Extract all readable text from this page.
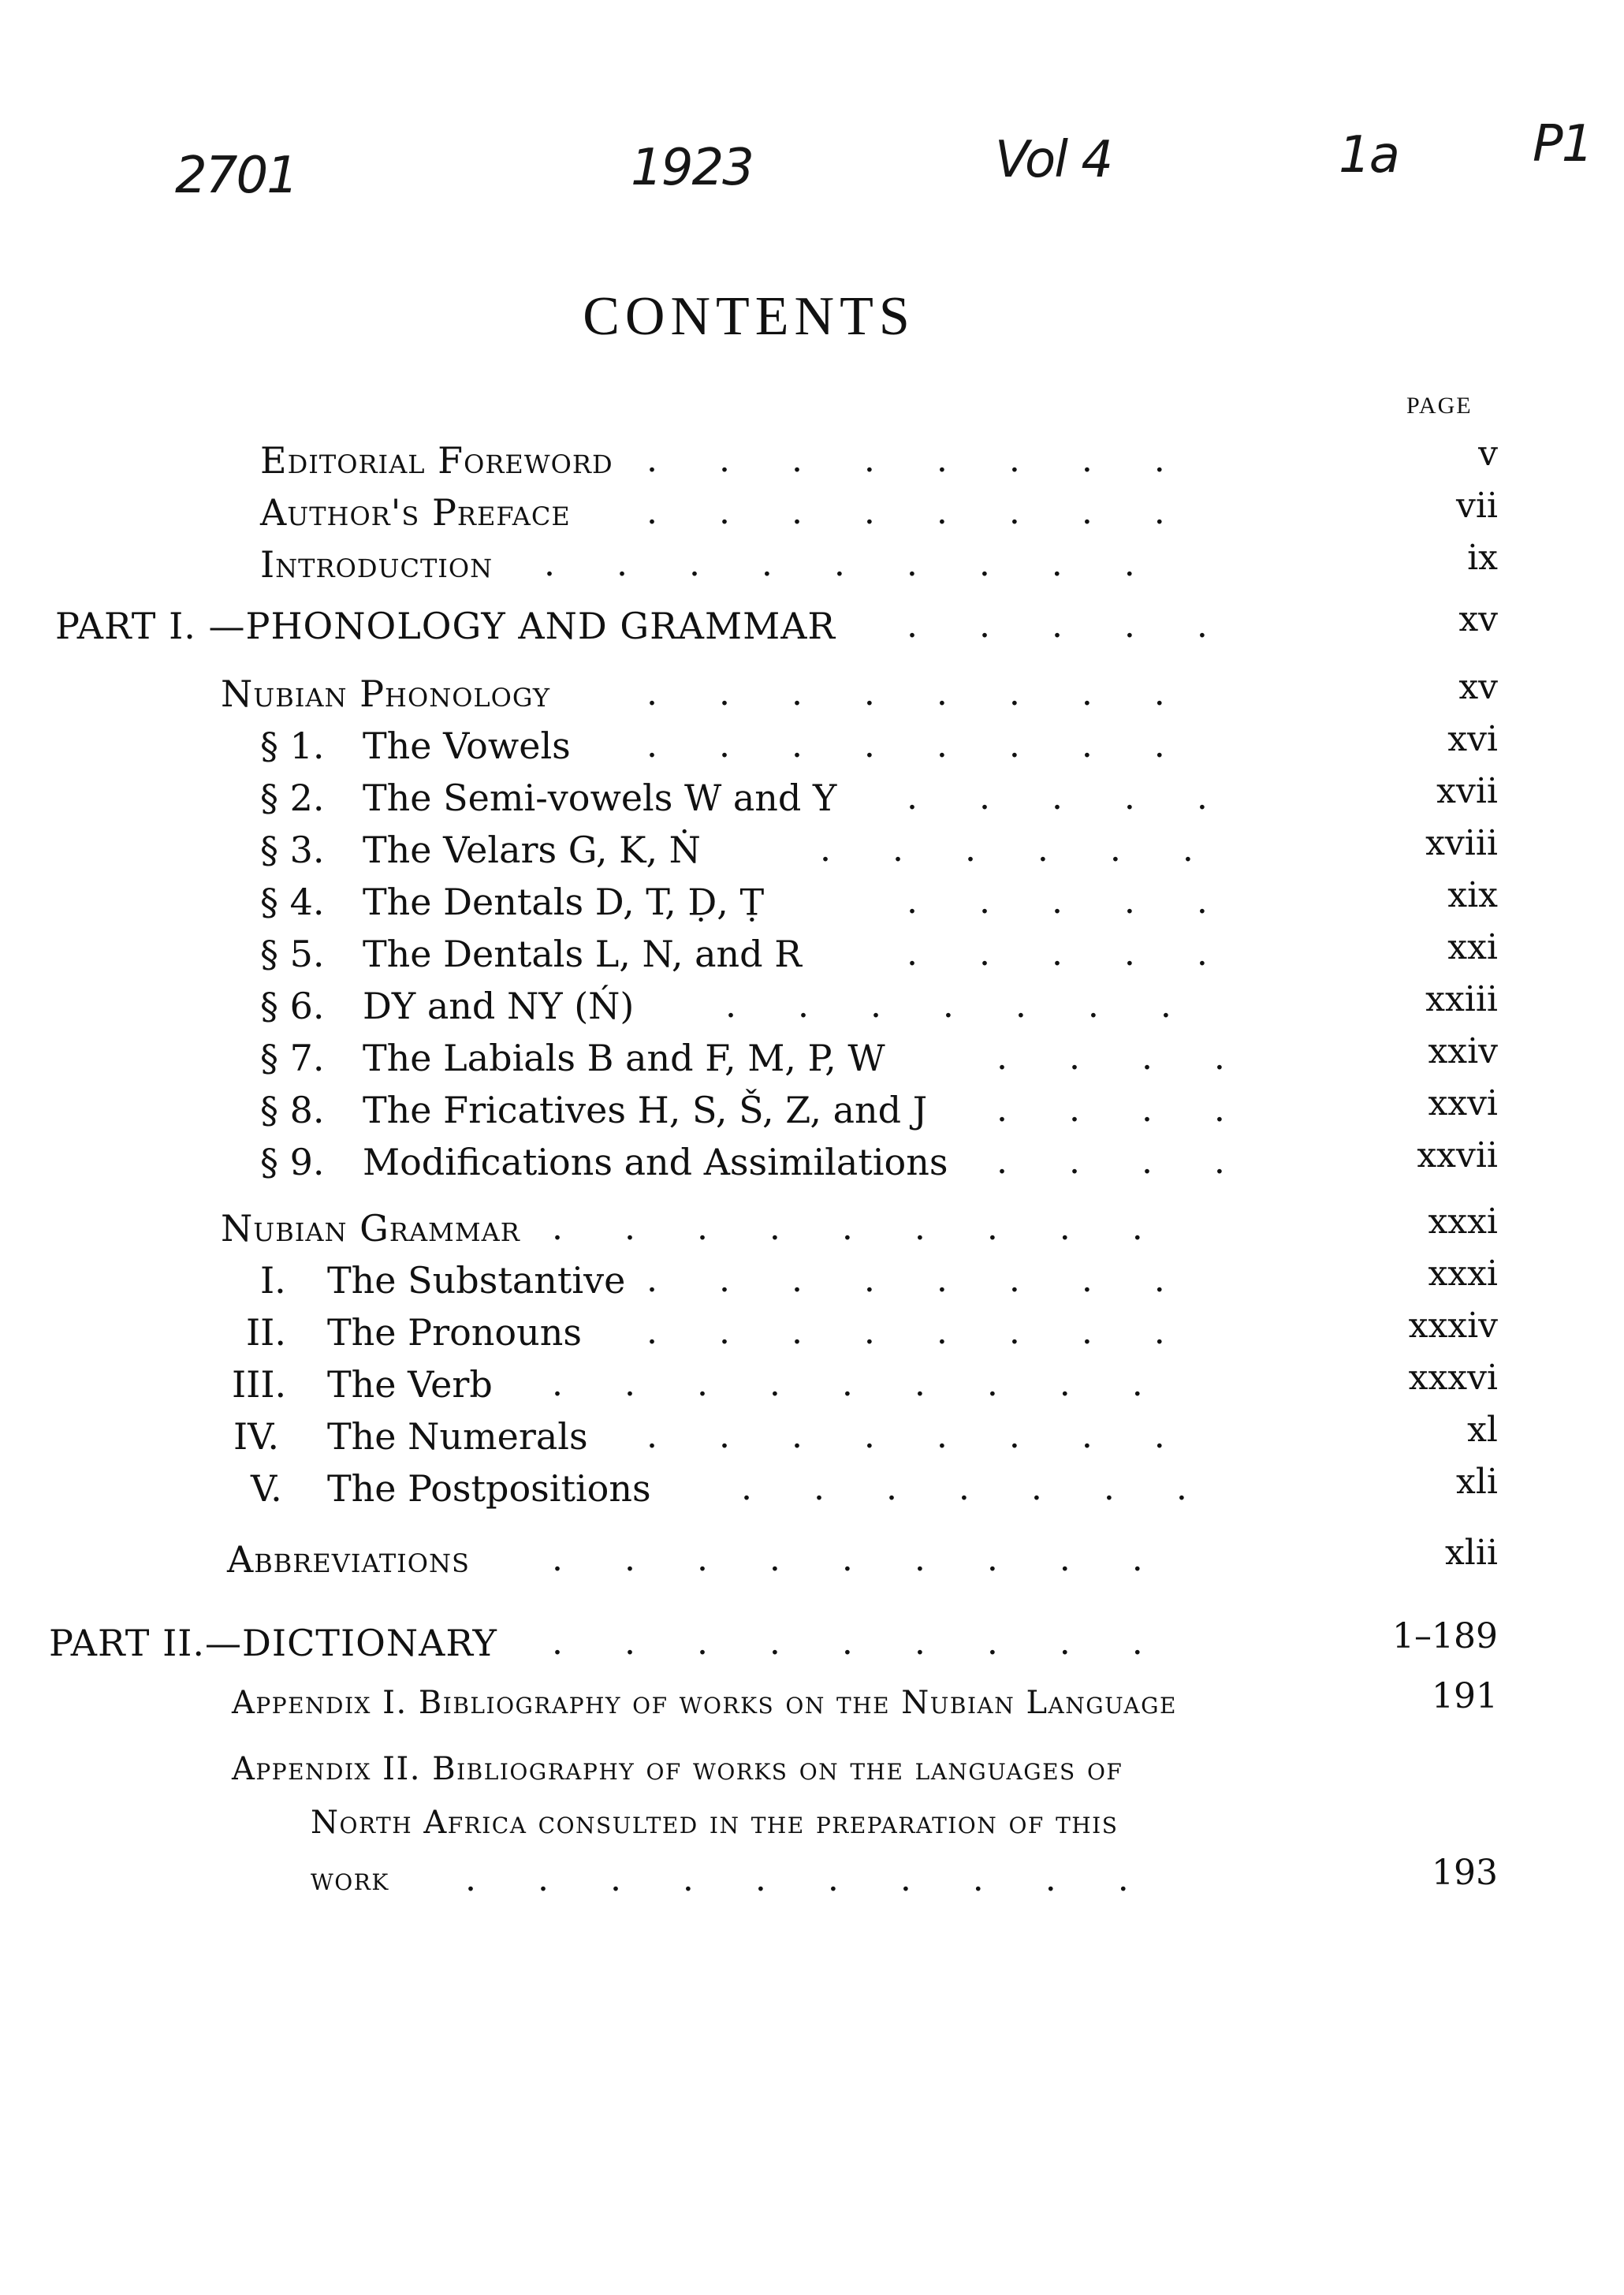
2701	1923	Vol 4	1a	P1
CONTENTS
PAGE
Editorial Foreword . . . . . . . .	v
Author's Preface . . . . . . . .	vii
Introduction . . . . . . . . .	ix
PART I. —PHONOLOGY AND GRAMMAR . . . . .	xv
Nubian Phonology	. . . . . . . .	xv
§ 1. The Vowels . . . . . . . .	xvi
§ 2. The Semi-vowels W and Y . . . . .	xvii
§ 3. The Velars G, K, Ṅ	. . . . . .	xviii
§ 4. The Dentals D, T, Ḍ, Ṭ	. . . . .	xix
§ 5. The Dentals L, N, and R	. . . . .	xxi
§ 6. DY and NY (Ń)	. . . . . . .	xxiii
§ 7. The Labials B and F, M, P, W	. . . .	xxiv
§ 8. The Fricatives H, S, Š, Z, and J . . . .	xxvi
§ 9. Modifications and Assimilations . . . .	xxvii
Nubian Grammar . . . . . . . . .	xxxi
I. The Substantive . . . . . . . .	xxxi
II. The Pronouns . . . . . . . .	xxxiv
III. The Verb . . . . . . . . .	xxxvi
IV. The Numerals . . . . . . . .	xl
V. The Postpositions	. . . . . . .	xli
Abbreviations . . . . . . . . .	xlii
PART II.—DICTIONARY . . . . . . . . .	1–189
Appendix I. Bibliography of works on the Nubian Language	191
Appendix II. Bibliography of works on the languages of
North Africa consulted in the preparation of this
work . . . . . . . . . .	193
